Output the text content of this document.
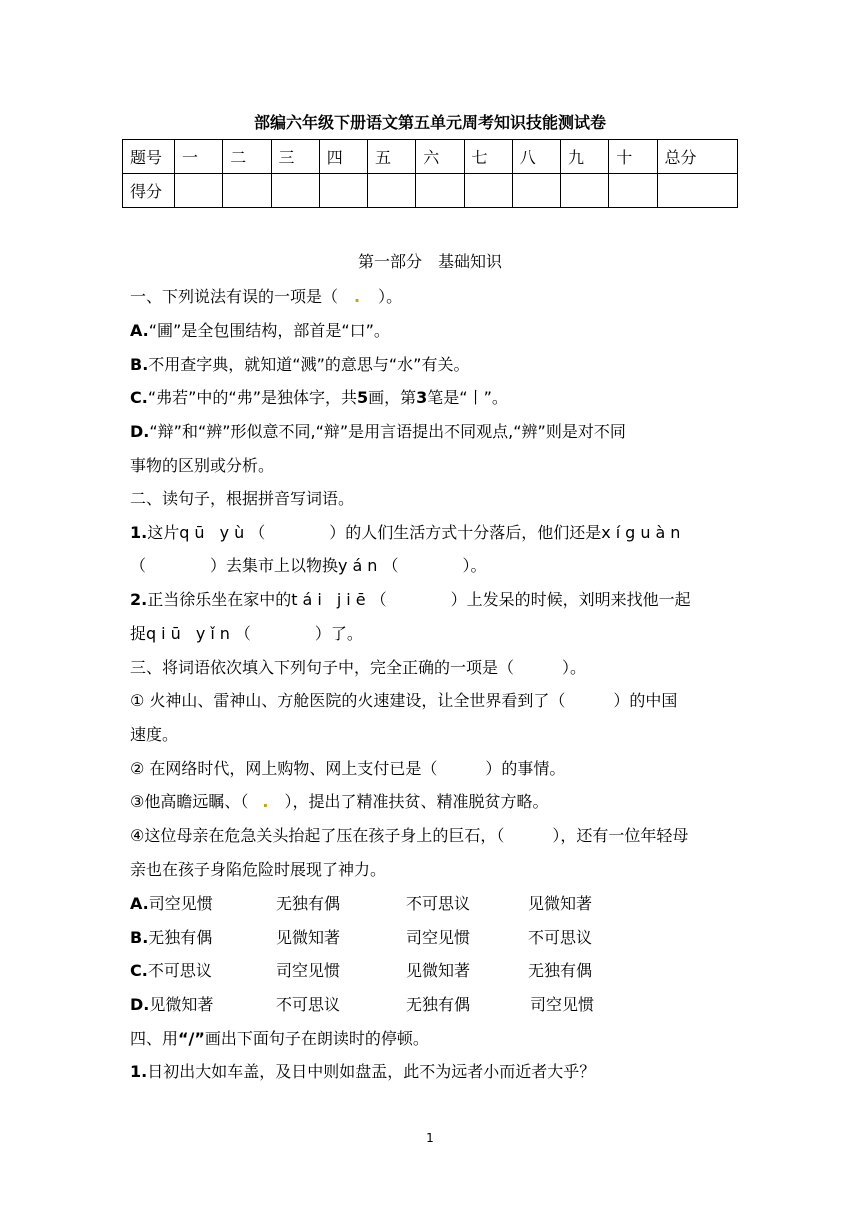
部编六年级下册语文第五单元周考知识技能测试卷
题号	一	二	三	四	五	六	七	八	九	十	总分
得分											
第一部分　基础知识
一、下列说法有误的一项是（ . ）。
A.“圃”是全包围结构，部首是“口”。
B.不用查字典，就知道“溅”的意思与“水”有关。
C.“弗若”中的“弗”是独体字，共5画，第3笔是“丨”。
D.“辩”和“辨”形似意不同,“辩”是用言语提出不同观点,“辨”则是对不同
事物的区别或分析。
二、读句子，根据拼音写词语。
1.这片qū yù（　　　　）的人们生活方式十分落后，他们还是xíguàn
（　　　　）去集市上以物换yán（　　　　）。
2.正当徐乐坐在家中的tái jiē（　　　　）上发呆的时候，刘明来找他一起
捉qiū yǐn（　　　　）了。
三、将词语依次填入下列句子中，完全正确的一项是（　　　）。
① 火神山、雷神山、方舱医院的火速建设，让全世界看到了（　　　）的中国
速度。
② 在网络时代，网上购物、网上支付已是（　　　）的事情。
③他高瞻远瞩、（ . ），提出了精准扶贫、精准脱贫方略。
④这位母亲在危急关头抬起了压在孩子身上的巨石，（　　　），还有一位年轻母
亲也在孩子身陷危险时展现了神力。
A.司空见惯	无独有偶	不可思议	见微知著
B.无独有偶	见微知著	司空见惯	不可思议
C.不可思议	司空见惯	见微知著	无独有偶
D.见微知著	不可思议	无独有偶	司空见惯
四、用“/”画出下面句子在朗读时的停顿。
1.日初出大如车盖，及日中则如盘盂，此不为远者小而近者大乎？
1
